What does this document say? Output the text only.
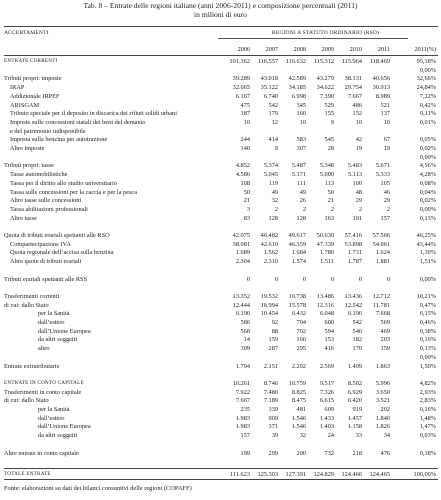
Tab. 8 – Entrate delle regioni italiane (anni 2006-2011) e composizione percentuali (2011)
in milioni di euro
ACCERTAMENTI	REGIONI A STATUTO ORDINARIO (RSO)
2006	2007	2008	2009	2010	2011	2011(%)
ENTRATE CORRENTI	101.362	116.557	116.632	115.312	115.964	118.469	95,18%
0,00%
Tributi propri: imposte	39.289	43.018	42.589	43.279	38.131	40.656	32,66%
IRAP	32.065	35.122	34.185	34.622	29.754	30.913	24,84%
Addizionale IRPEF	6.167	6.740	6.998	7.390	7.667	8.989	7,22%
ARISGAM	475	542	345	529	486	521	0,42%
Tributo speciale per il deposito in discarica dei rifiuti solidi urbani	187	179	160	155	152	137	0,11%
Imposte sulle concessioni statali dei beni del demanio	10	12	10	9	10	10	0,01%
e del patrimonio indisponibile
Imposta sulla benzina per autotrazione	244	414	583	545	42	67	0,05%
Altre imposte	140	9	307	28	19	19	0,02%
0,00%
Tributi propri: tasse	4.852	5.374	5.487	5.348	5.483	5.671	4,56%
Tasse automobilistiche	4.586	5.045	5.171	5.000	5.113	5.333	4,28%
Tassa per il diritto allo studio universitario	108	119	111	113	100	105	0,08%
Tassa sulle concessioni per la caccia e per la pesca	50	49	49	50	48	46	0,04%
Altre tasse sulle concessioni	21	32	26	21	29	29	0,02%
Tassa abilitazioni professionali	3	2	2	2	2	2	0,00%
Altre tasse	83	128	128	163	191	157	0,13%
Quota di tributi erariali spettanti alle RSO	42.075	46.482	49.617	50.630	57.416	57.566	46,25%
Compartecipazione IVA	38.081	42.610	46.359	47.339	53.898	54.061	43,44%
Quota regionale dell’accisa sulla benzina	1.689	1.562	1.684	1.780	1.731	1.624	1,30%
Altre quote di tributi erariali	2.304	2.310	1.574	1.511	1.787	1.881	1,51%
Tributi erariali spettanti alle RSS	0	0	0	0	0	0	0,00%
Trasferimenti correnti	13.352	19.532	16.738	13.486	13.436	12.712	10,21%
di cui: dallo Stato	12.444	18.994	15.578	12.316	12.542	11.781	9,47%
per la Sanità	6.190	10.454	6.432	6.048	6.196	7.668	6,15%
dall’estero	586	92	704	600	542	569	0,46%
dall’Unione Europea	568	88	702	594	540	469	0,38%
da altri soggetti	14	159	160	153	182	203	0,16%
altro	309	287	295	416	170	159	0,13%
0,00%
Entrate extratributarie	1.794	2.151	2.202	2.569	1.499	1.863	1,50%
ENTRATE IN CONTO CAPITALE	10.261	8.746	10.759	9.517	8.502	5.996	4,82%
Trasferimenti in conto capitale	7.922	7.480	8.825	7.326	6.929	3.650	2,93%
di cui: dallo Stato	7.667	7.189	8.475	6.615	6.420	3.521	2,83%
per la Sanità	235	339	481	609	919	202	0,16%
dall’estero	1.983	909	1.546	1.433	1.457	1.840	1,48%
dall’Unione Europea	1.983	371	1.546	1.403	1.158	1.826	1,47%
da altri soggetti	157	39	32	24	33	34	0,03%
Altre entrate in conto capitale	199	299	200	732	218	476	0,38%
TOTALE ENTRATE	111.623	125.303	127.391	124.829	124.466	124.465	100,00%
Fonte: elaborazioni su dati dei bilanci consuntivi delle regioni (COPAFF)
